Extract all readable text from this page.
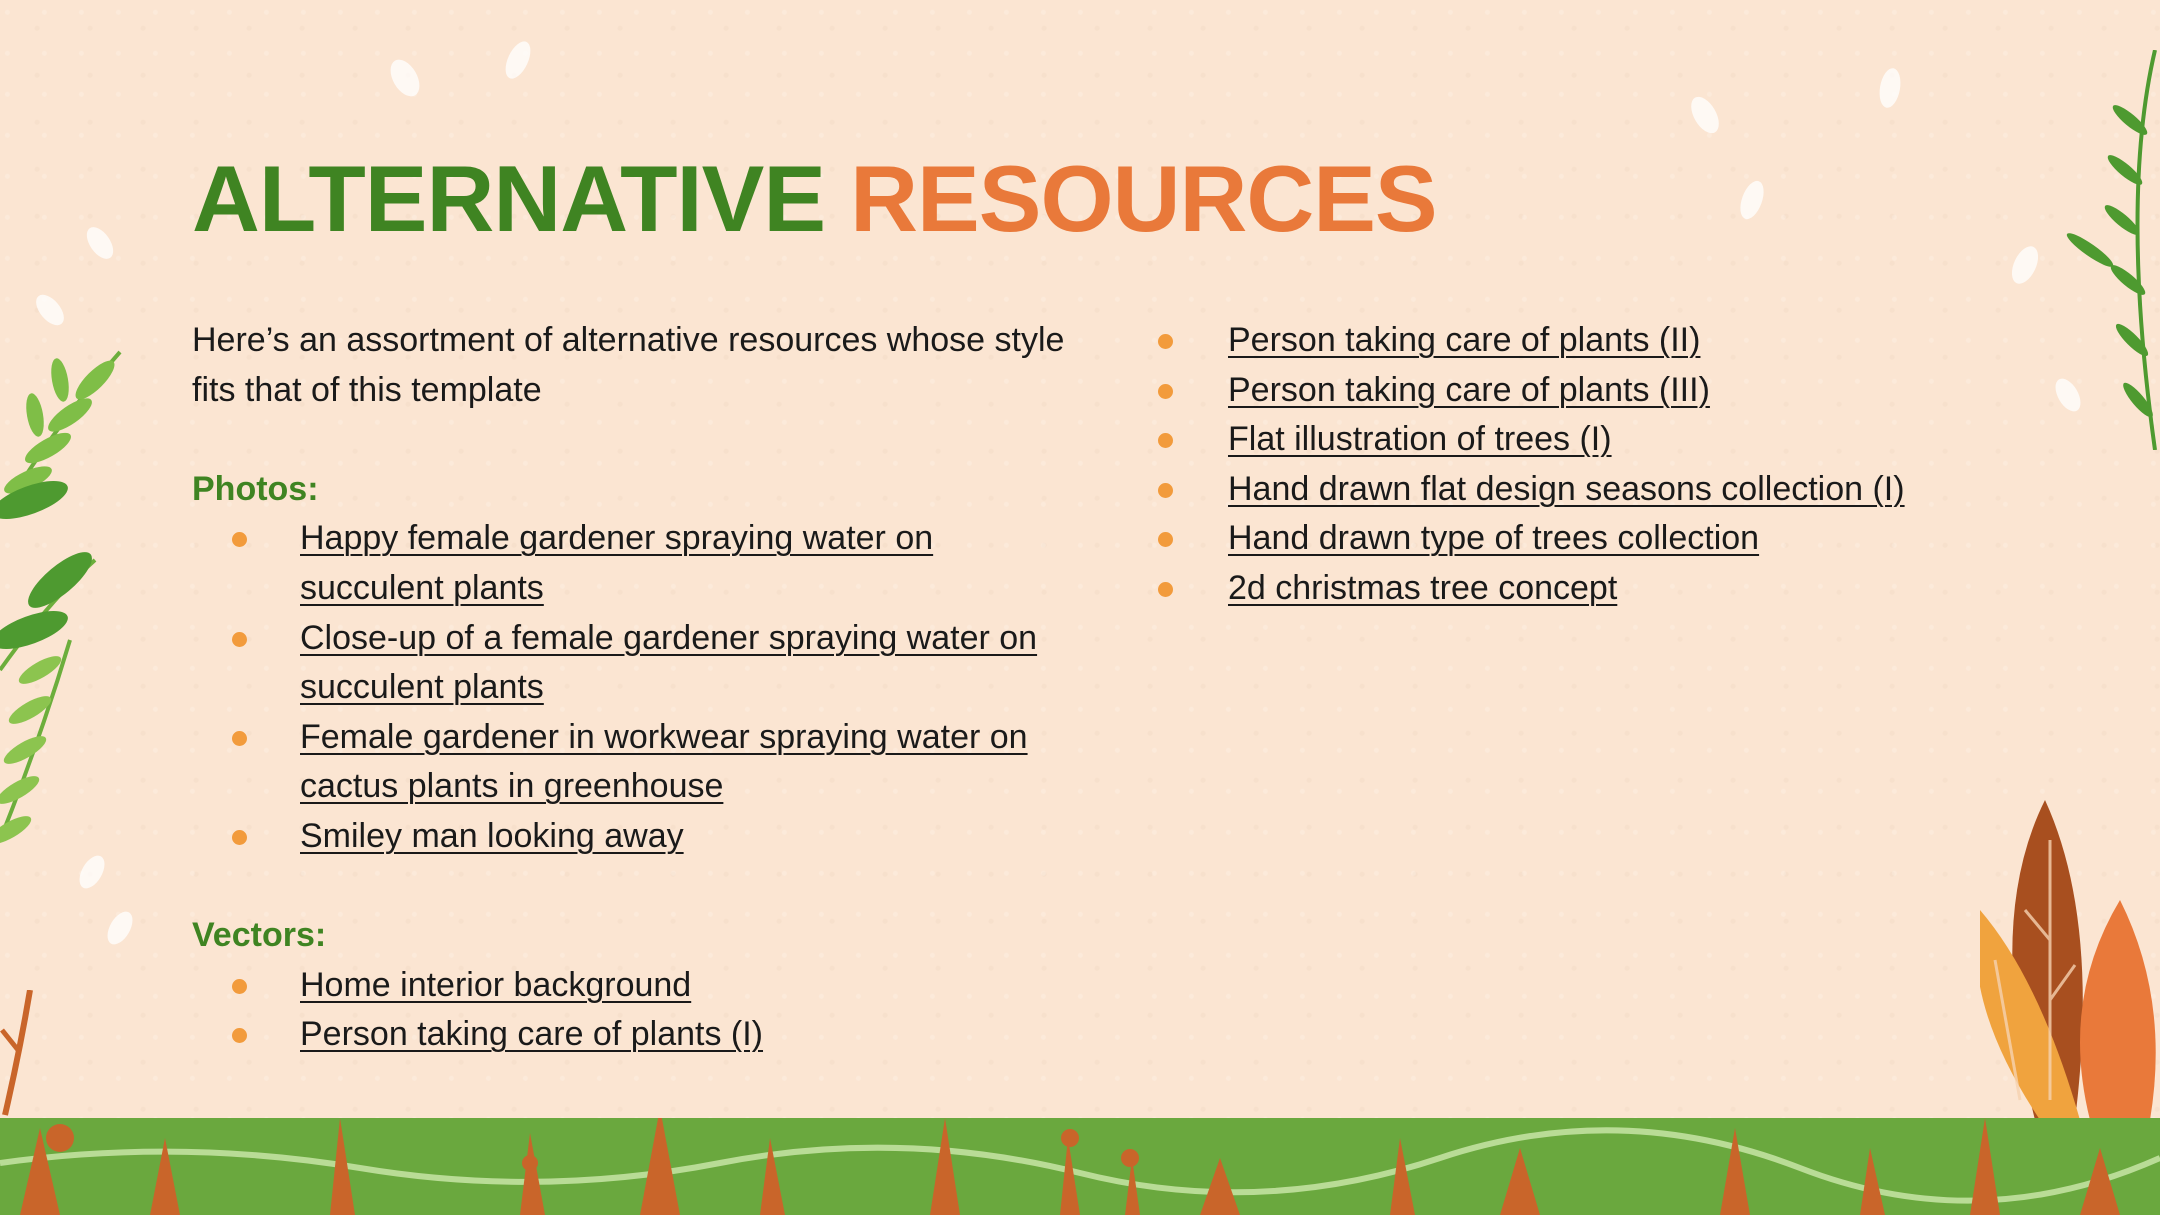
ALTERNATIVE RESOURCES

Here’s an assortment of alternative resources whose style fits that of this template

Photos:

Happy female gardener spraying water on succulent plants
Close-up of a female gardener spraying water on succulent plants
Female gardener in workwear spraying water on cactus plants in greenhouse
Smiley man looking away

Vectors:

Home interior background
Person taking care of plants (I)
Person taking care of plants (II)
Person taking care of plants (III)
Flat illustration of trees (I)
Hand drawn flat design seasons collection (I)
Hand drawn type of trees collection
2d christmas tree concept
